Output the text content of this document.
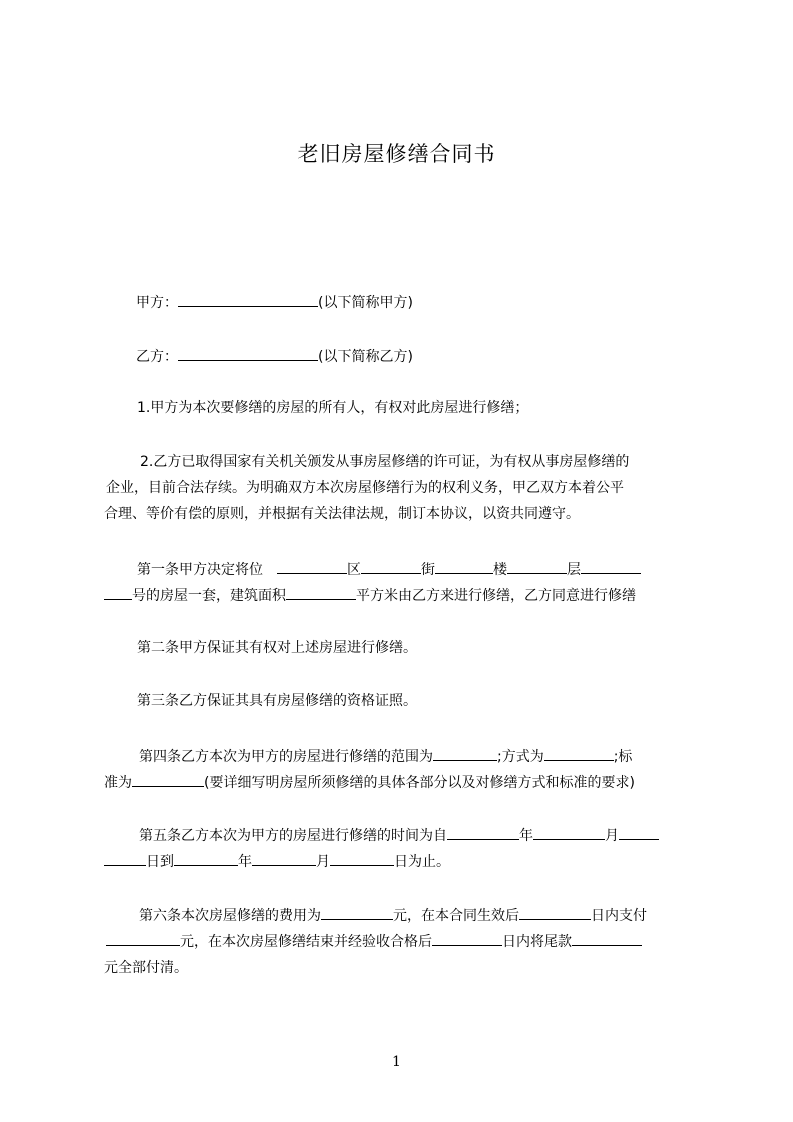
老旧房屋修缮合同书

甲方：	(以下简称甲方)

乙方：	(以下简称乙方)

1.甲方为本次要修缮的房屋的所有人，有权对此房屋进行修缮；

2.乙方已取得国家有关机关颁发从事房屋修缮的许可证，为有权从事房屋修缮的

企业，目前合法存续。为明确双方本次房屋修缮行为的权利义务，甲乙双方本着公平

合理、等价有偿的原则，并根据有关法律法规，制订本协议，以资共同遵守。

第一条甲方决定将位	区	街	楼	层

号的房屋一套，建筑面积	平方米由乙方来进行修缮，乙方同意进行修缮

第二条甲方保证其有权对上述房屋进行修缮。

第三条乙方保证其具有房屋修缮的资格证照。

第四条乙方本次为甲方的房屋进行修缮的范围为	;方式为	;标

准为	(要详细写明房屋所须修缮的具体各部分以及对修缮方式和标准的要求)

第五条乙方本次为甲方的房屋进行修缮的时间为自	年	月

日到	年	月	日为止。

第六条本次房屋修缮的费用为	元，在本合同生效后	日内支付

元，在本次房屋修缮结束并经验收合格后	日内将尾款

元全部付清。

1
